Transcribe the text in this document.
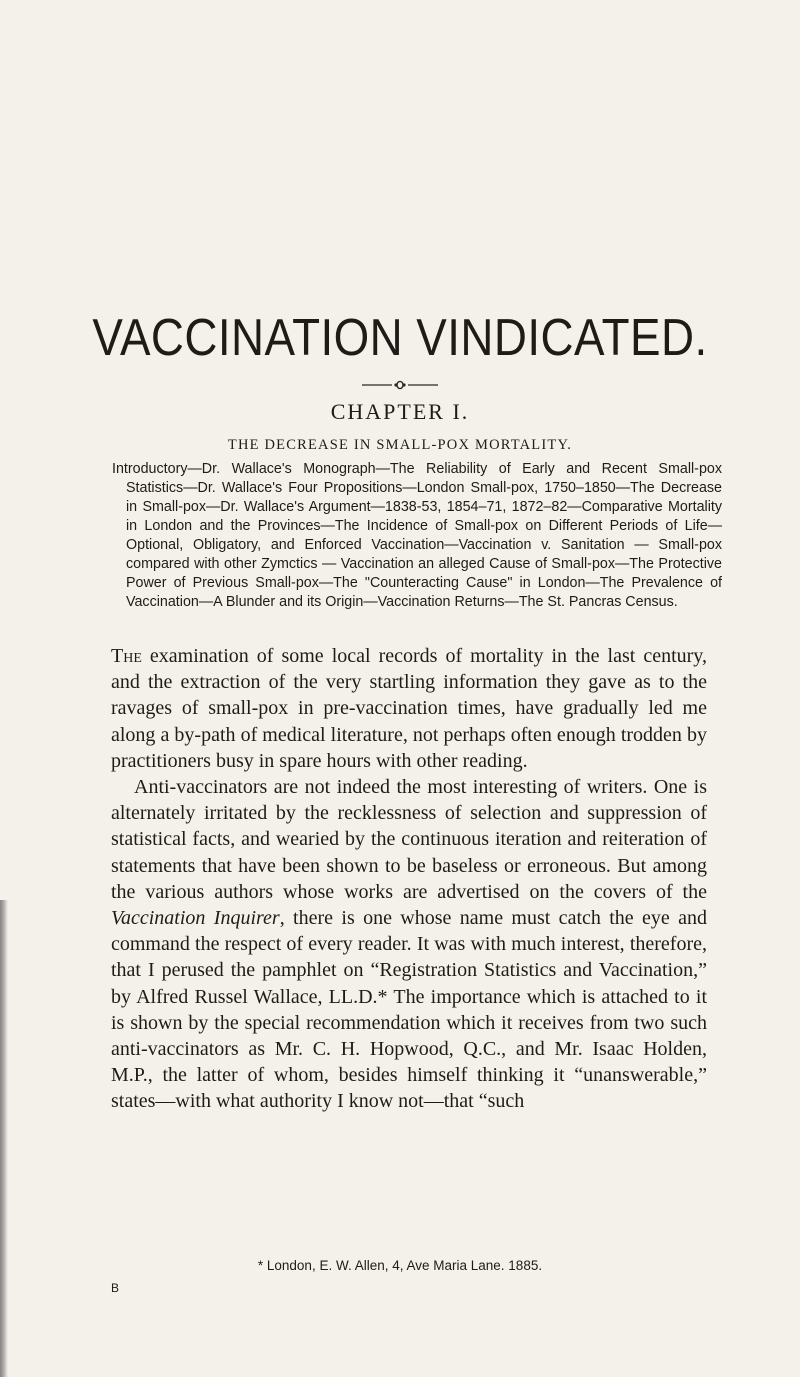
VACCINATION VINDICATED.
CHAPTER I.
THE DECREASE IN SMALL-POX MORTALITY.

Introductory—Dr. Wallace's Monograph—The Reliability of Early and Recent Small-pox Statistics—Dr. Wallace's Four Propositions—London Small-pox, 1750–1850—The Decrease in Small-pox—Dr. Wallace's Argument—1838-53, 1854–71, 1872–82—Comparative Mortality in London and the Provinces—The Incidence of Small-pox on Different Periods of Life—Optional, Obligatory, and Enforced Vaccination—Vaccination v. Sanitation — Small-pox compared with other Zymctics — Vaccination an alleged Cause of Small-pox—The Protective Power of Previous Small-pox—The "Counteracting Cause" in London—The Prevalence of Vaccination—A Blunder and its Origin—Vaccination Returns—The St. Pancras Census.

The examination of some local records of mortality in the last century, and the extraction of the very startling information they gave as to the ravages of small-pox in pre-vaccination times, have gradually led me along a by-path of medical literature, not perhaps often enough trodden by practitioners busy in spare hours with other reading.

Anti-vaccinators are not indeed the most interesting of writers. One is alternately irritated by the recklessness of selection and suppression of statistical facts, and wearied by the continuous iteration and reiteration of statements that have been shown to be baseless or erroneous. But among the various authors whose works are advertised on the covers of the Vaccination Inquirer, there is one whose name must catch the eye and command the respect of every reader. It was with much interest, therefore, that I perused the pamphlet on “Registration Statistics and Vaccination,” by Alfred Russel Wallace, LL.D.* The importance which is attached to it is shown by the special recommendation which it receives from two such anti-vaccinators as Mr. C. H. Hopwood, Q.C., and Mr. Isaac Holden, M.P., the latter of whom, besides himself thinking it “unanswerable,” states—with what authority I know not—that “such

* London, E. W. Allen, 4, Ave Maria Lane. 1885.

B
